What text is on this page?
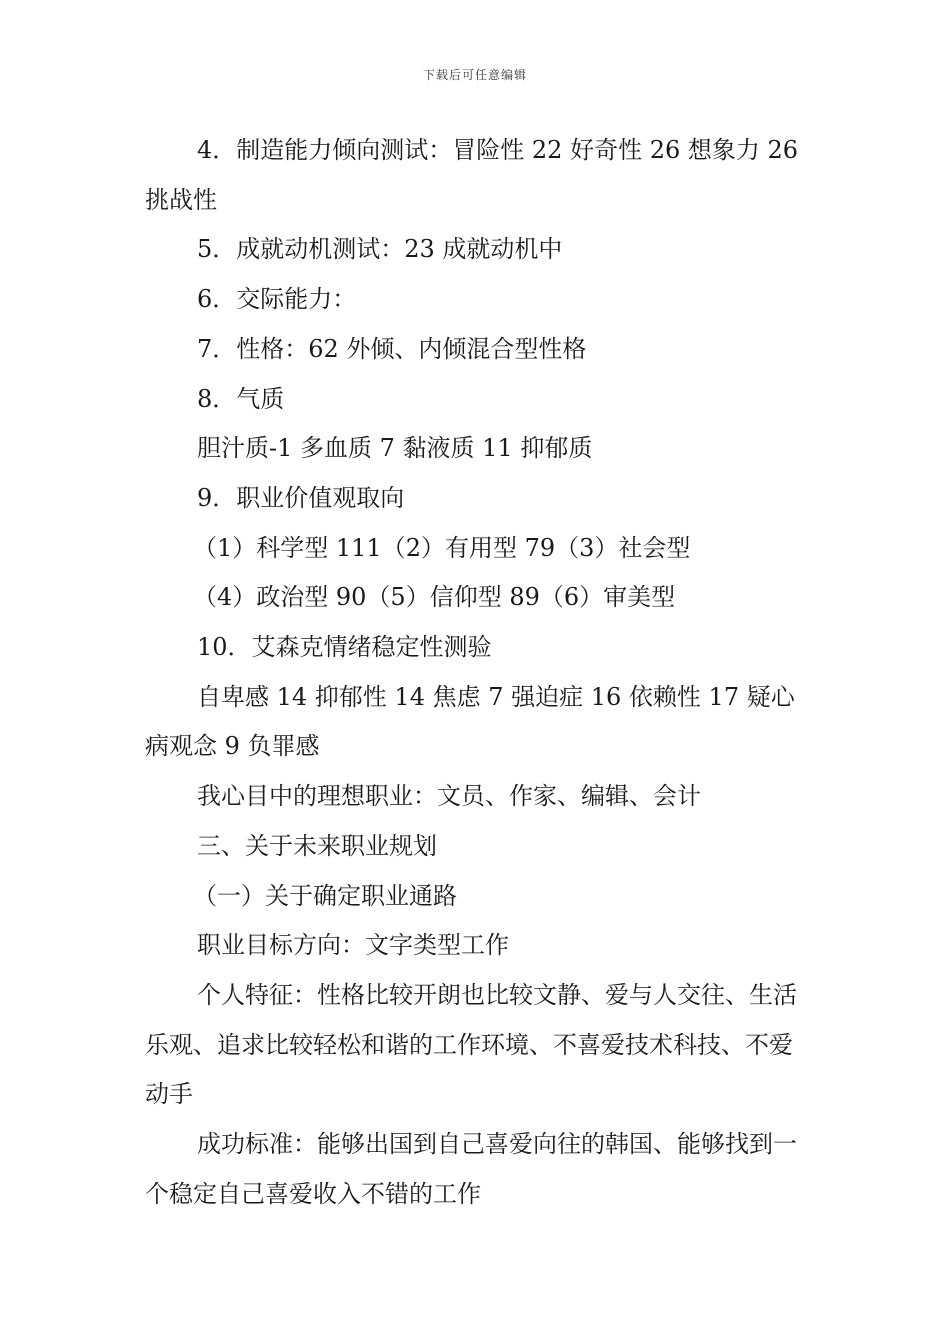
下载后可任意编辑

4．制造能力倾向测试：冒险性 22 好奇性 26 想象力 26 挑战性

5．成就动机测试：23 成就动机中

6．交际能力：

7．性格：62 外倾、内倾混合型性格

8．气质

胆汁质-1 多血质 7 黏液质 11 抑郁质

9．职业价值观取向

（1）科学型 111（2）有用型 79（3）社会型

（4）政治型 90（5）信仰型 89（6）审美型

10．艾森克情绪稳定性测验

自卑感 14 抑郁性 14 焦虑 7 强迫症 16 依赖性 17 疑心病观念 9 负罪感

我心目中的理想职业：文员、作家、编辑、会计

三、关于未来职业规划

（一）关于确定职业通路

职业目标方向：文字类型工作

个人特征：性格比较开朗也比较文静、爱与人交往、生活乐观、追求比较轻松和谐的工作环境、不喜爱技术科技、不爱动手

成功标准：能够出国到自己喜爱向往的韩国、能够找到一个稳定自己喜爱收入不错的工作
